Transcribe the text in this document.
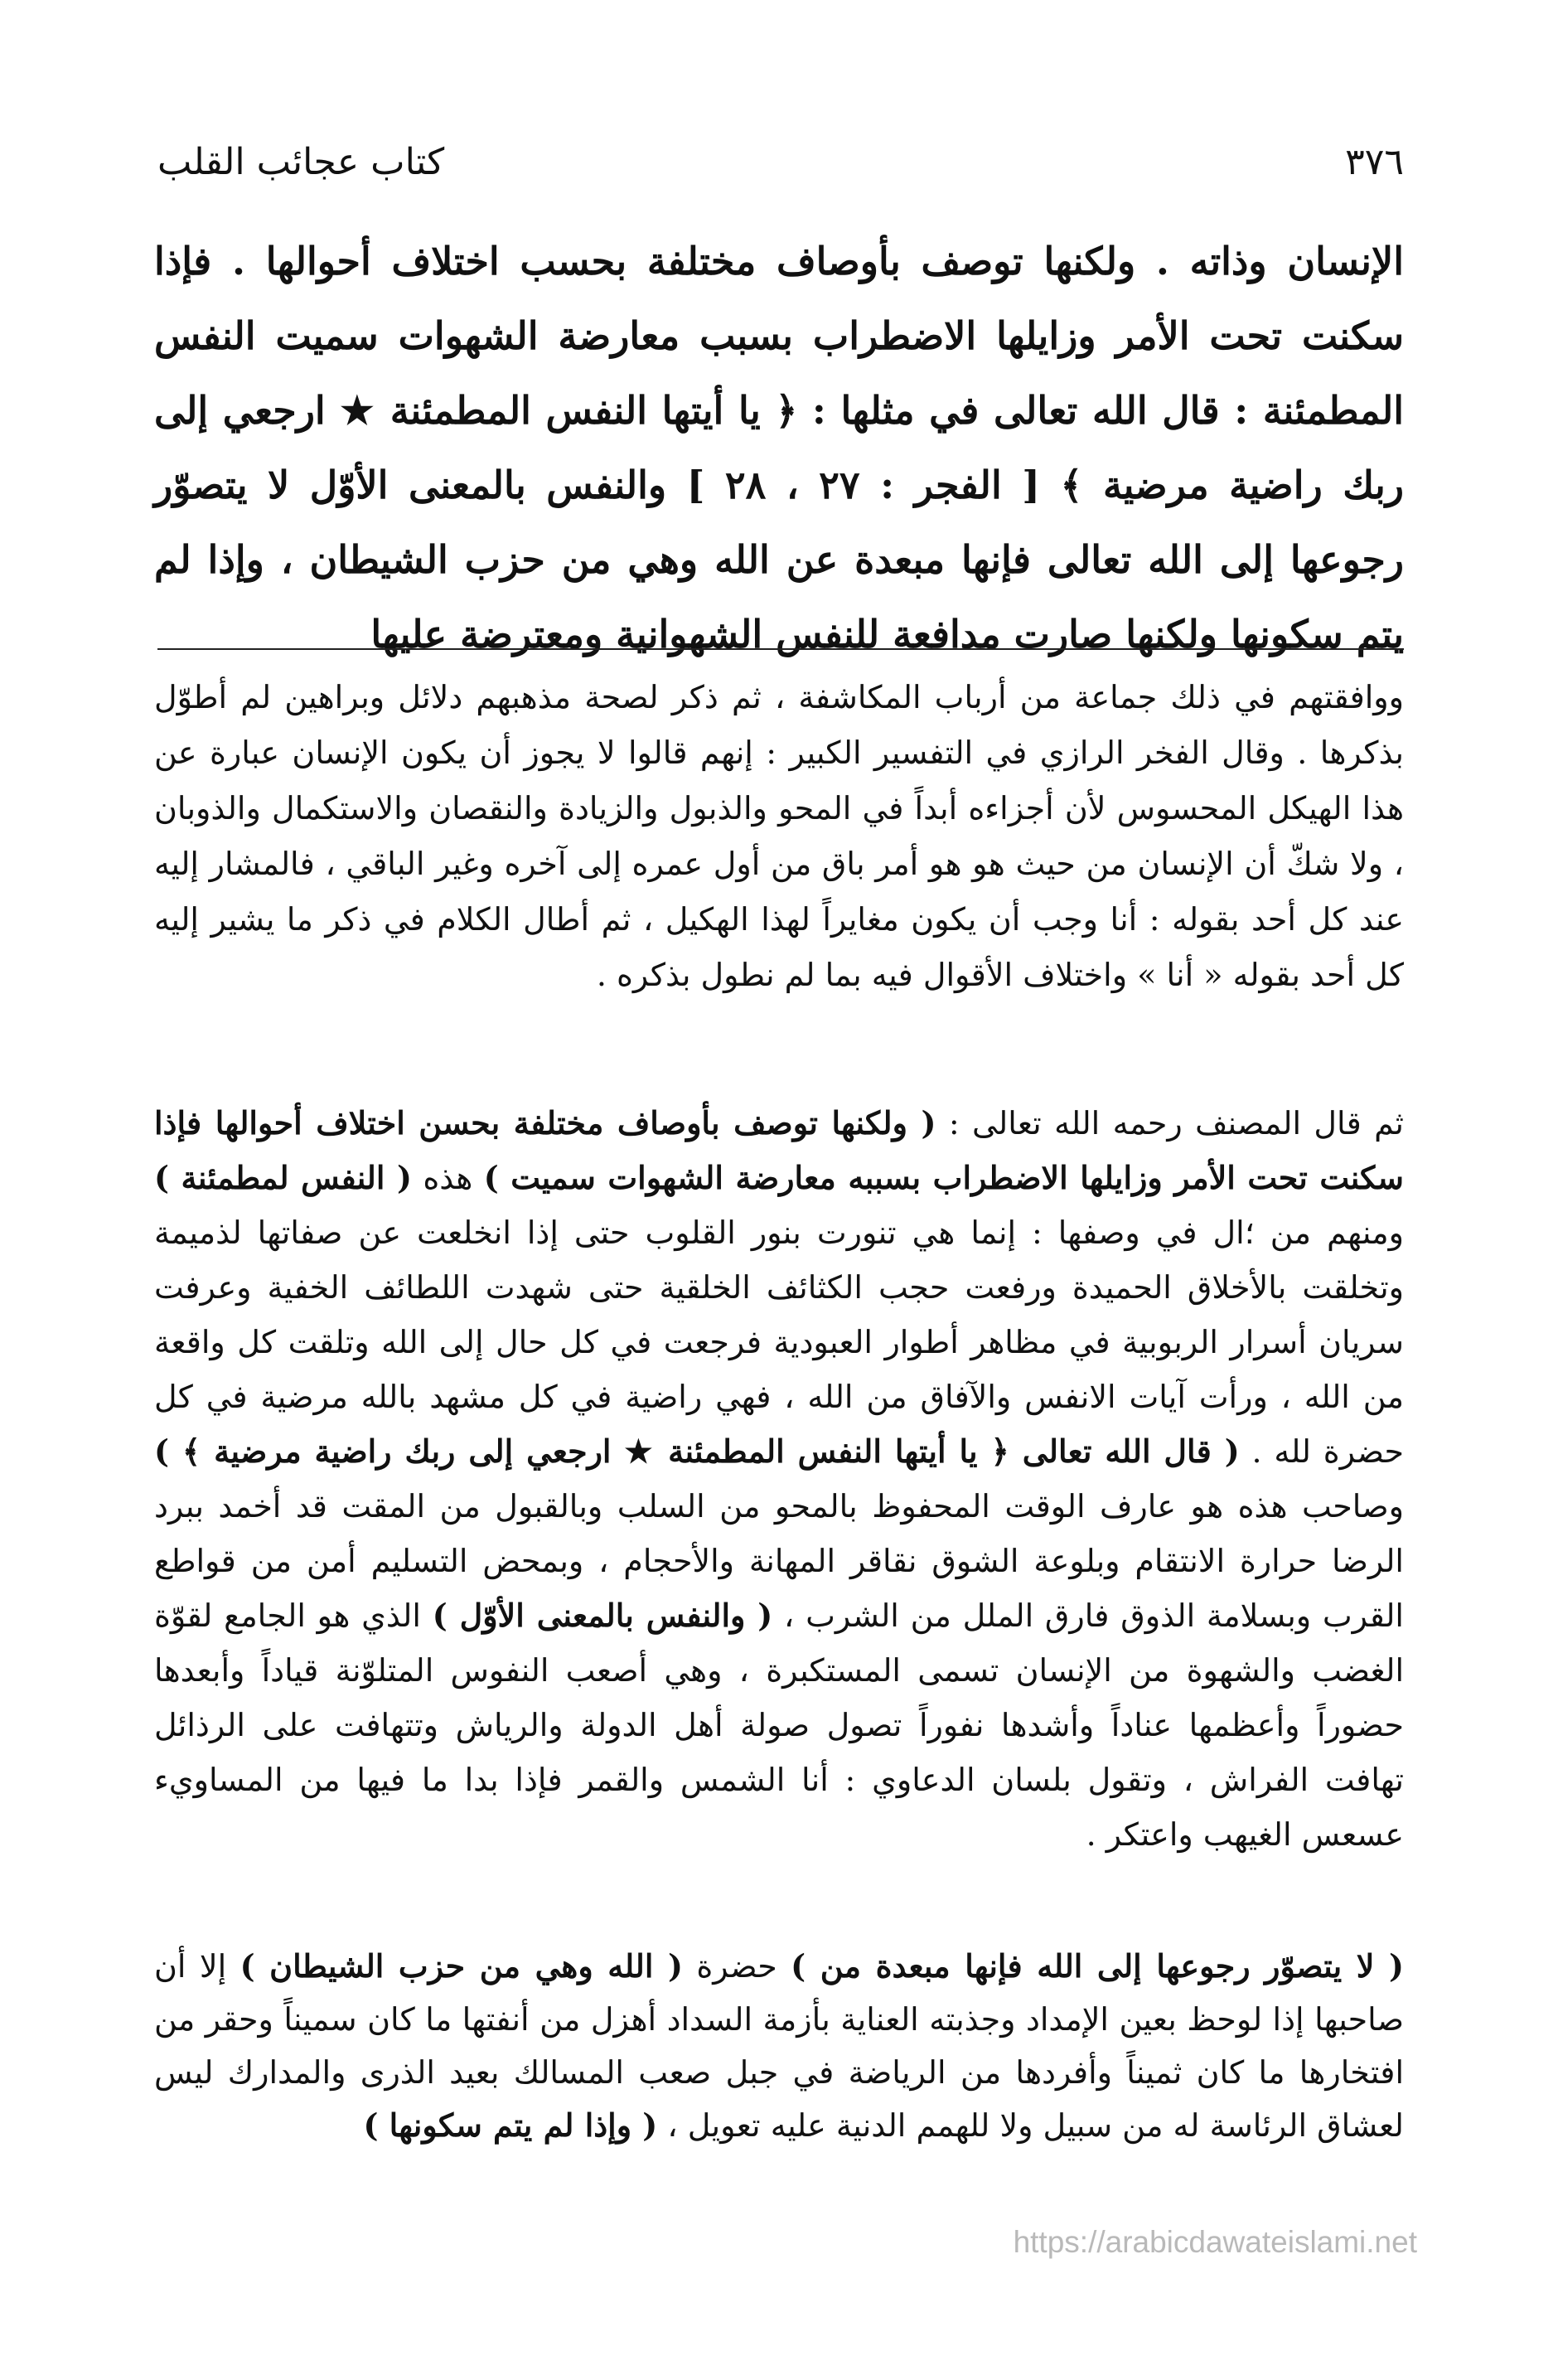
٣٧٦
كتاب عجائب القلب

الإنسان وذاته . ولكنها توصف بأوصاف مختلفة بحسب اختلاف أحوالها . فإذا سكنت تحت الأمر وزايلها الاضطراب بسبب معارضة الشهوات سميت النفس المطمئنة : قال الله تعالى في مثلها : ﴿ يا أيتها النفس المطمئنة ★ ارجعي إلى ربك راضية مرضية ﴾ [ الفجر : ٢٧ ، ٢٨ ] والنفس بالمعنى الأوّل لا يتصوّر رجوعها إلى الله تعالى فإنها مبعدة عن الله وهي من حزب الشيطان ، وإذا لم يتم سكونها ولكنها صارت مدافعة للنفس الشهوانية ومعترضة عليها

ووافقتهم في ذلك جماعة من أرباب المكاشفة ، ثم ذكر لصحة مذهبهم دلائل وبراهين لم أطوّل بذكرها . وقال الفخر الرازي في التفسير الكبير : إنهم قالوا لا يجوز أن يكون الإنسان عبارة عن هذا الهيكل المحسوس لأن أجزاءه أبداً في المحو والذبول والزيادة والنقصان والاستكمال والذوبان ، ولا شكّ أن الإنسان من حيث هو هو أمر باق من أول عمره إلى آخره وغير الباقي ، فالمشار إليه عند كل أحد بقوله : أنا وجب أن يكون مغايراً لهذا الهكيل ، ثم أطال الكلام في ذكر ما يشير إليه كل أحد بقوله « أنا » واختلاف الأقوال فيه بما لم نطول بذكره .

ثم قال المصنف رحمه الله تعالى : ( ولكنها توصف بأوصاف مختلفة بحسن اختلاف أحوالها فإذا سكنت تحت الأمر وزايلها الاضطراب بسببه معارضة الشهوات سميت ) هذه ( النفس لمطمئنة ) ومنهم من ؛ال في وصفها : إنما هي تنورت بنور القلوب حتى إذا انخلعت عن صفاتها لذميمة وتخلقت بالأخلاق الحميدة ورفعت حجب الكثائف الخلقية حتى شهدت اللطائف الخفية وعرفت سريان أسرار الربوبية في مظاهر أطوار العبودية فرجعت في كل حال إلى الله وتلقت كل واقعة من الله ، ورأت آيات الانفس والآفاق من الله ، فهي راضية في كل مشهد بالله مرضية في كل حضرة لله . ( قال الله تعالى ﴿ يا أيتها النفس المطمئنة ★ ارجعي إلى ربك راضية مرضية ﴾ ) وصاحب هذه هو عارف الوقت المحفوظ بالمحو من السلب وبالقبول من المقت قد أخمد ببرد الرضا حرارة الانتقام وبلوعة الشوق نقاقر المهانة والأحجام ، وبمحض التسليم أمن من قواطع القرب وبسلامة الذوق فارق الملل من الشرب ، ( والنفس بالمعنى الأوّل ) الذي هو الجامع لقوّة الغضب والشهوة من الإنسان تسمى المستكبرة ، وهي أصعب النفوس المتلوّنة قياداً وأبعدها حضوراً وأعظمها عناداً وأشدها نفوراً تصول صولة أهل الدولة والرياش وتتهافت على الرذائل تهافت الفراش ، وتقول بلسان الدعاوي : أنا الشمس والقمر فإذا بدا ما فيها من المساويء عسعس الغيهب واعتكر .

( لا يتصوّر رجوعها إلى الله فإنها مبعدة من ) حضرة ( الله وهي من حزب الشيطان ) إلا أن صاحبها إذا لوحظ بعين الإمداد وجذبته العناية بأزمة السداد أهزل من أنفتها ما كان سميناً وحقر من افتخارها ما كان ثميناً وأفردها من الرياضة في جبل صعب المسالك بعيد الذرى والمدارك ليس لعشاق الرئاسة له من سبيل ولا للهمم الدنية عليه تعويل ، ( وإذا لم يتم سكونها )

https://arabicdawateislami.net
